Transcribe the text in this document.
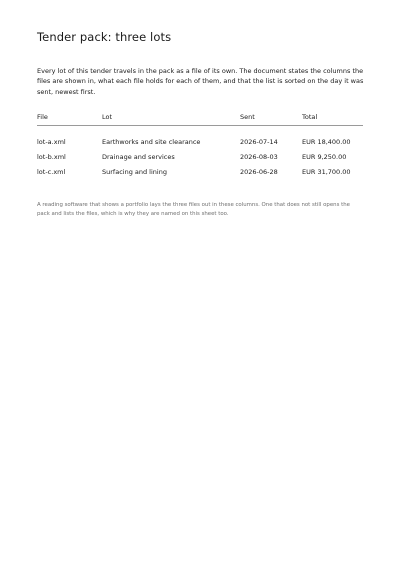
Tender pack: three lots

Every lot of this tender travels in the pack as a file of its own. The document states the columns the files are shown in, what each file holds for each of them, and that the list is sorted on the day it was sent, newest first.

File	Lot	Sent	Total
lot-a.xml	Earthworks and site clearance	2026-07-14	EUR 18,400.00
lot-b.xml	Drainage and services	2026-08-03	EUR 9,250.00
lot-c.xml	Surfacing and lining	2026-06-28	EUR 31,700.00

A reading software that shows a portfolio lays the three files out in these columns. One that does not still opens the pack and lists the files, which is why they are named on this sheet too.
